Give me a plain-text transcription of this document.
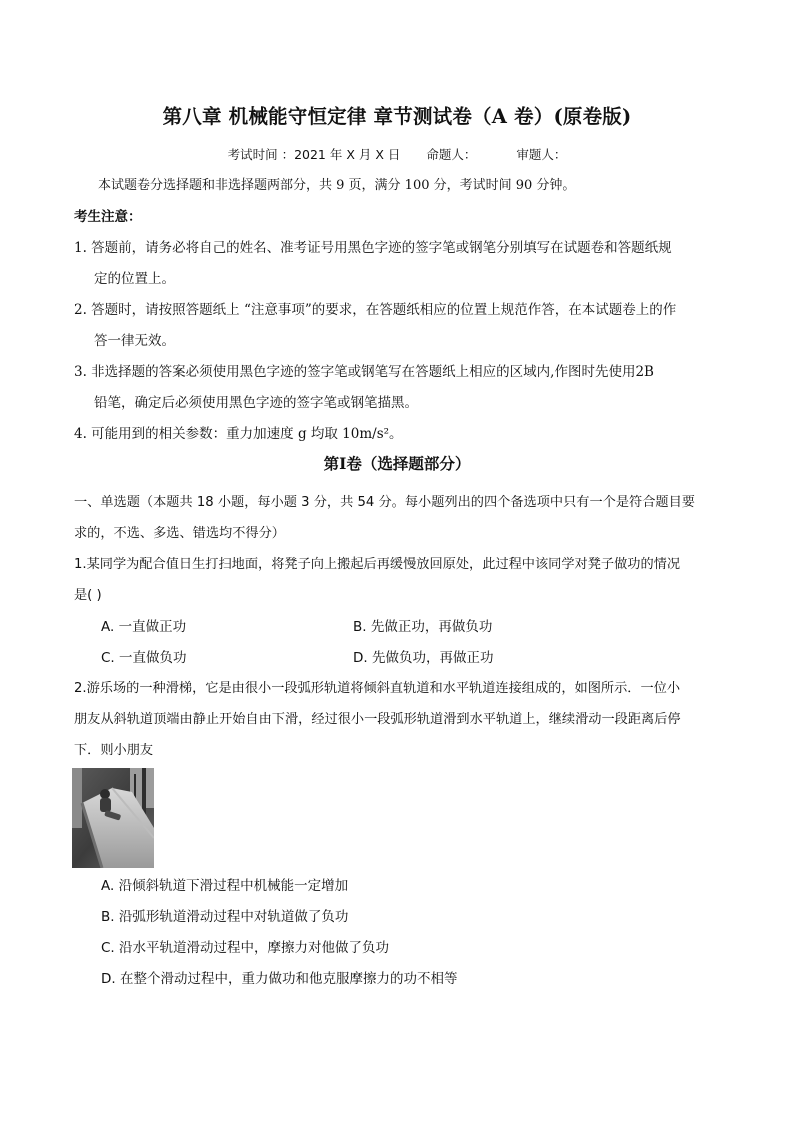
第八章 机械能守恒定律 章节测试卷（A 卷）(原卷版)
考试时间 ：2021 年 X 月 X 日 命题人：	审题人：
本试题卷分选择题和非选择题两部分，共 9 页，满分 100 分，考试时间 90 分钟。
考生注意：
1. 答题前，请务必将自己的姓名、准考证号用黑色字迹的签字笔或钢笔分别填写在试题卷和答题纸规
定的位置上。
2. 答题时，请按照答题纸上 “注意事项”的要求，在答题纸相应的位置上规范作答，在本试题卷上的作
答一律无效。
3. 非选择题的答案必须使用黑色字迹的签字笔或钢笔写在答题纸上相应的区域内,作图时先使用2B
铅笔，确定后必须使用黑色字迹的签字笔或钢笔描黑。
4. 可能用到的相关参数：重力加速度 g 均取 10m/s²。
第Ⅰ卷（选择题部分）
一、单选题（本题共 18 小题，每小题 3 分，共 54 分。每小题列出的四个备选项中只有一个是符合题目要
求的，不选、多选、错选均不得分）
1.某同学为配合值日生打扫地面，将凳子向上搬起后再缓慢放回原处，此过程中该同学对凳子做功的情况
是( )
A. 一直做正功	B. 先做正功，再做负功
C. 一直做负功	D. 先做负功，再做正功
2.游乐场的一种滑梯，它是由很小一段弧形轨道将倾斜直轨道和水平轨道连接组成的，如图所示．一位小
朋友从斜轨道顶端由静止开始自由下滑，经过很小一段弧形轨道滑到水平轨道上，继续滑动一段距离后停
下．则小朋友
A. 沿倾斜轨道下滑过程中机械能一定增加
B. 沿弧形轨道滑动过程中对轨道做了负功
C. 沿水平轨道滑动过程中，摩擦力对他做了负功
D. 在整个滑动过程中，重力做功和他克服摩擦力的功不相等
